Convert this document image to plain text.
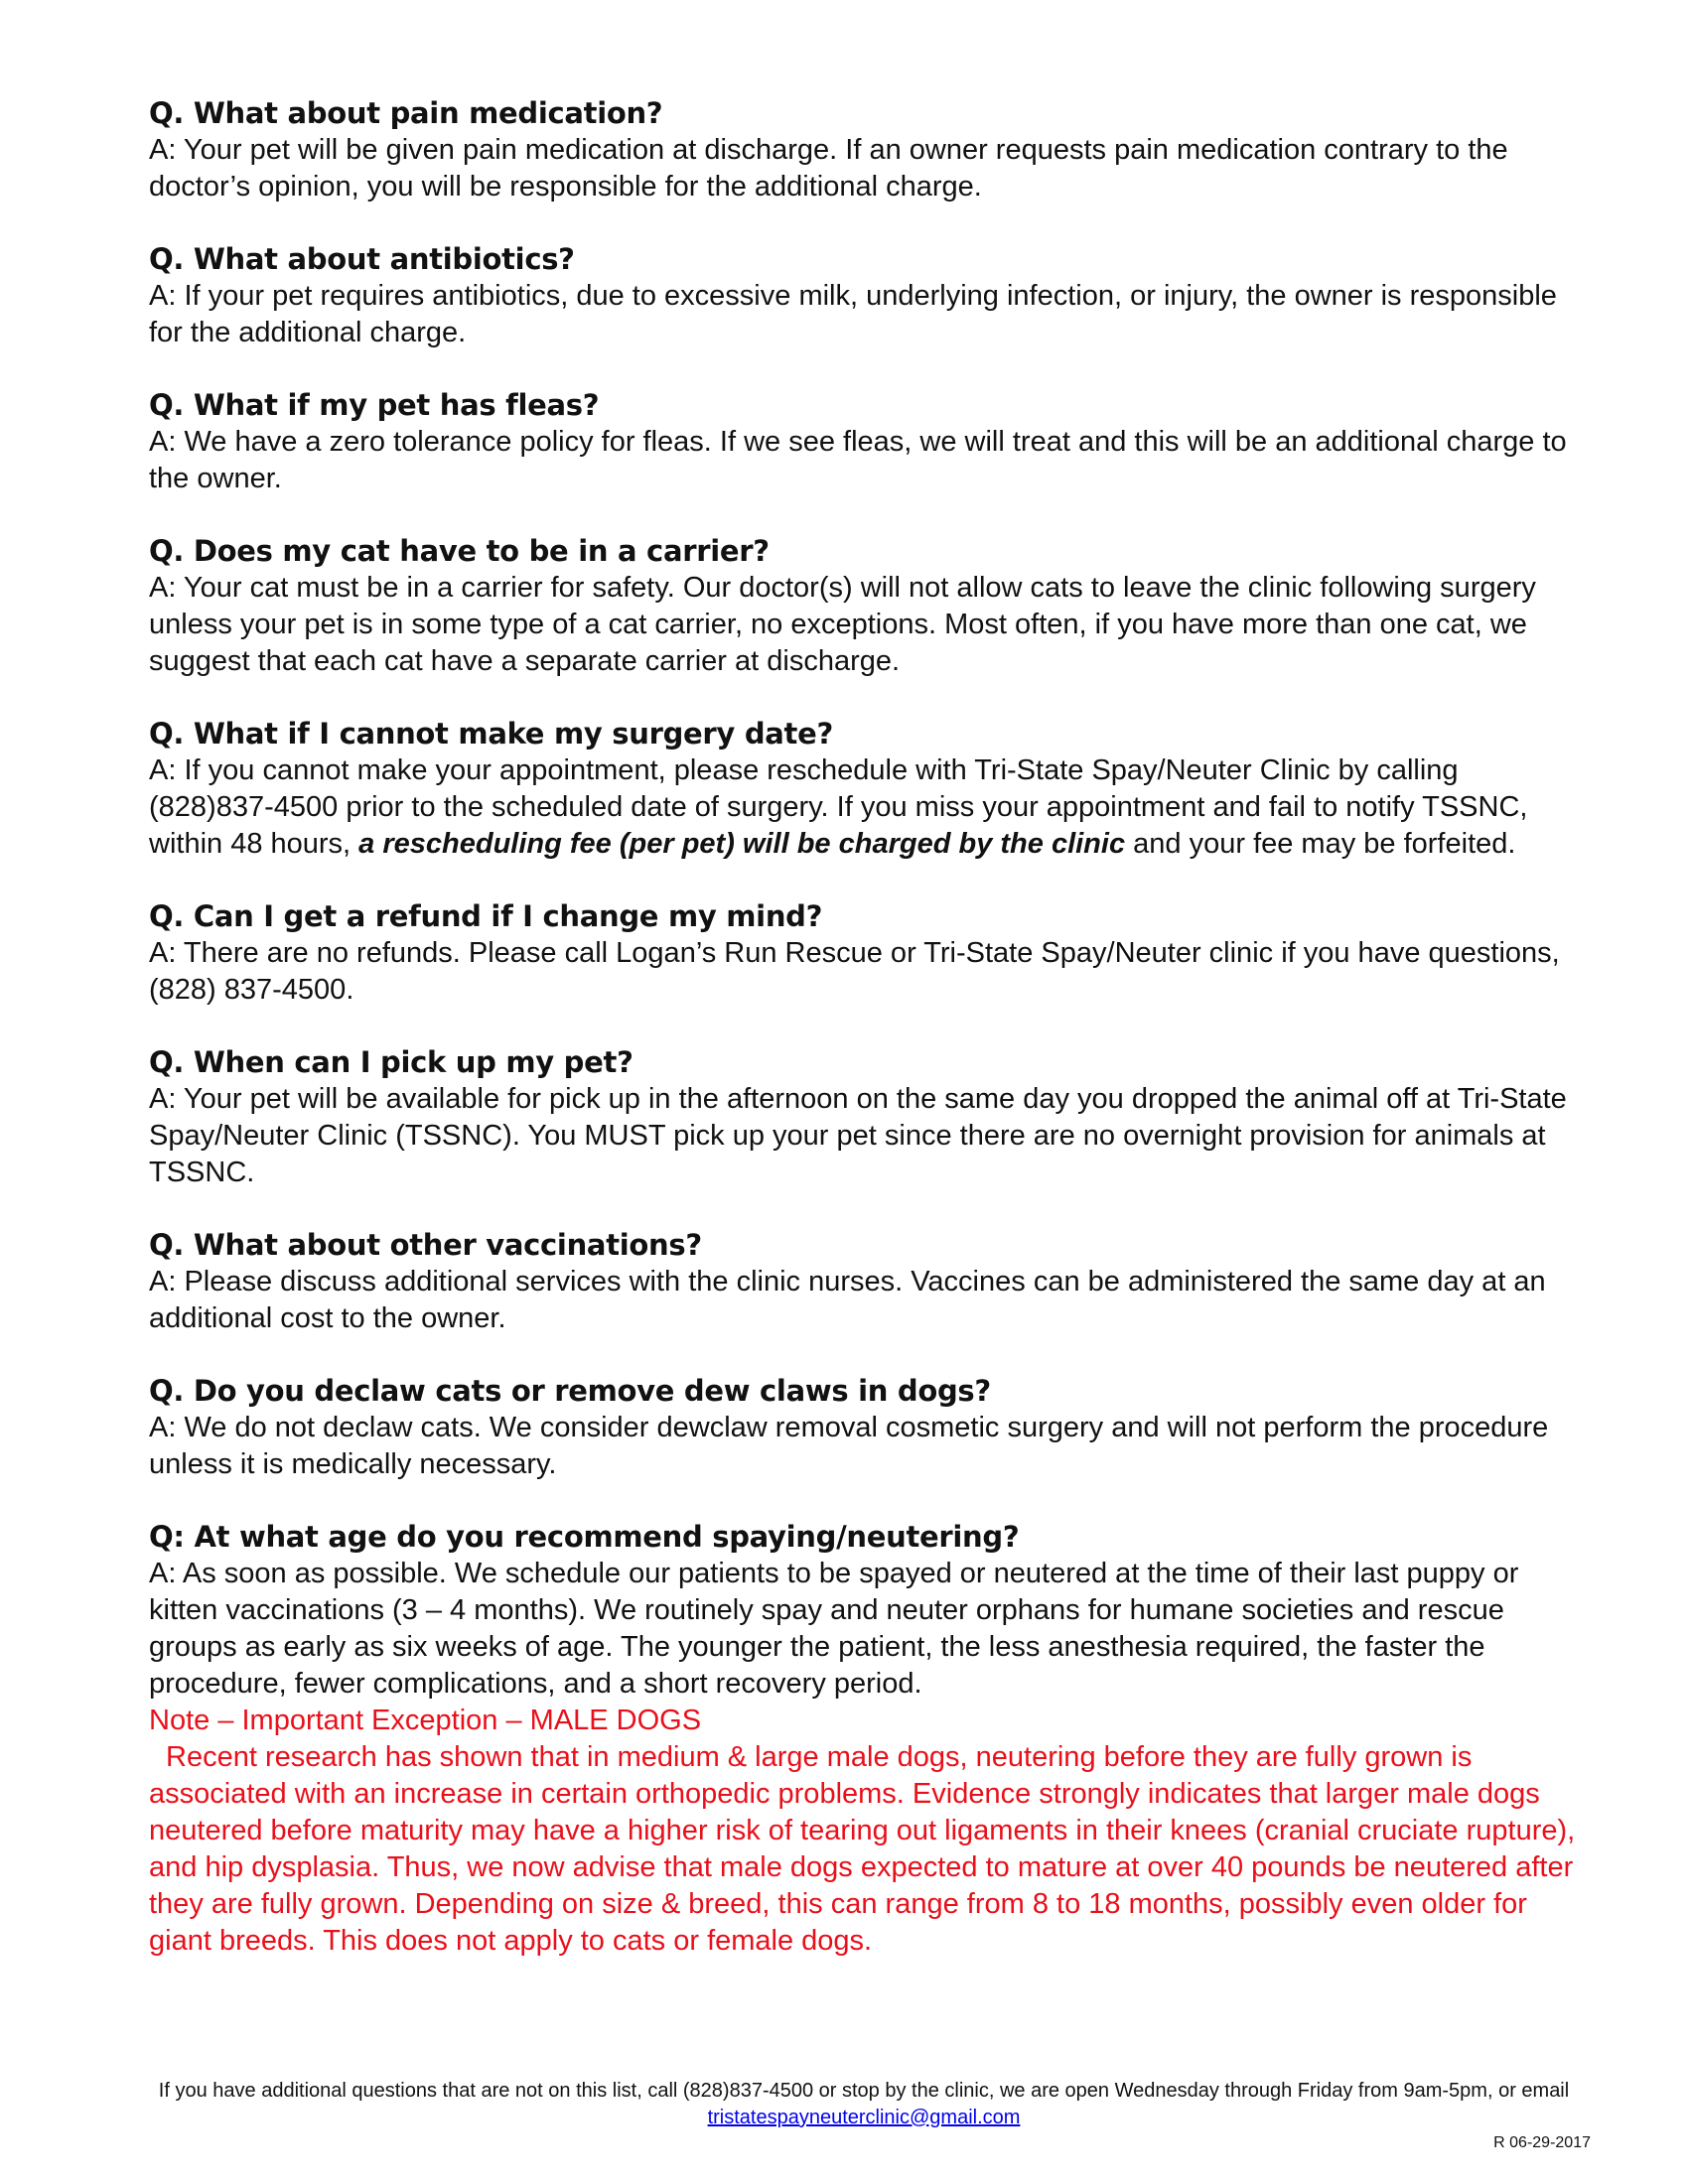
Q. What about pain medication?
A: Your pet will be given pain medication at discharge. If an owner requests pain medication contrary to the doctor’s opinion, you will be responsible for the additional charge.
Q. What about antibiotics?
A: If your pet requires antibiotics, due to excessive milk, underlying infection, or injury, the owner is responsible for the additional charge.
Q. What if my pet has fleas?
A: We have a zero tolerance policy for fleas. If we see fleas, we will treat and this will be an additional charge to the owner.
Q. Does my cat have to be in a carrier?
A: Your cat must be in a carrier for safety. Our doctor(s) will not allow cats to leave the clinic following surgery unless your pet is in some type of a cat carrier, no exceptions. Most often, if you have more than one cat, we suggest that each cat have a separate carrier at discharge.
Q. What if I cannot make my surgery date?
A: If you cannot make your appointment, please reschedule with Tri-State Spay/Neuter Clinic by calling (828)837-4500 prior to the scheduled date of surgery. If you miss your appointment and fail to notify TSSNC, within 48 hours, a rescheduling fee (per pet) will be charged by the clinic and your fee may be forfeited.
Q. Can I get a refund if I change my mind?
A: There are no refunds. Please call Logan’s Run Rescue or Tri-State Spay/Neuter clinic if you have questions, (828) 837-4500.
Q. When can I pick up my pet?
A: Your pet will be available for pick up in the afternoon on the same day you dropped the animal off at Tri-State Spay/Neuter Clinic (TSSNC). You MUST pick up your pet since there are no overnight provision for animals at TSSNC.
Q. What about other vaccinations?
A: Please discuss additional services with the clinic nurses. Vaccines can be administered the same day at an additional cost to the owner.
Q. Do you declaw cats or remove dew claws in dogs?
A: We do not declaw cats. We consider dewclaw removal cosmetic surgery and will not perform the procedure unless it is medically necessary.
Q: At what age do you recommend spaying/neutering?
A: As soon as possible. We schedule our patients to be spayed or neutered at the time of their last puppy or kitten vaccinations (3 – 4 months). We routinely spay and neuter orphans for humane societies and rescue groups as early as six weeks of age. The younger the patient, the less anesthesia required, the faster the procedure, fewer complications, and a short recovery period.
Note – Important Exception – MALE DOGS
Recent research has shown that in medium & large male dogs, neutering before they are fully grown is associated with an increase in certain orthopedic problems. Evidence strongly indicates that larger male dogs neutered before maturity may have a higher risk of tearing out ligaments in their knees (cranial cruciate rupture), and hip dysplasia. Thus, we now advise that male dogs expected to mature at over 40 pounds be neutered after they are fully grown. Depending on size & breed, this can range from 8 to 18 months, possibly even older for giant breeds. This does not apply to cats or female dogs.
If you have additional questions that are not on this list, call (828)837-4500 or stop by the clinic, we are open Wednesday through Friday from 9am-5pm, or email tristatespayneuterclinic@gmail.com
R 06-29-2017
